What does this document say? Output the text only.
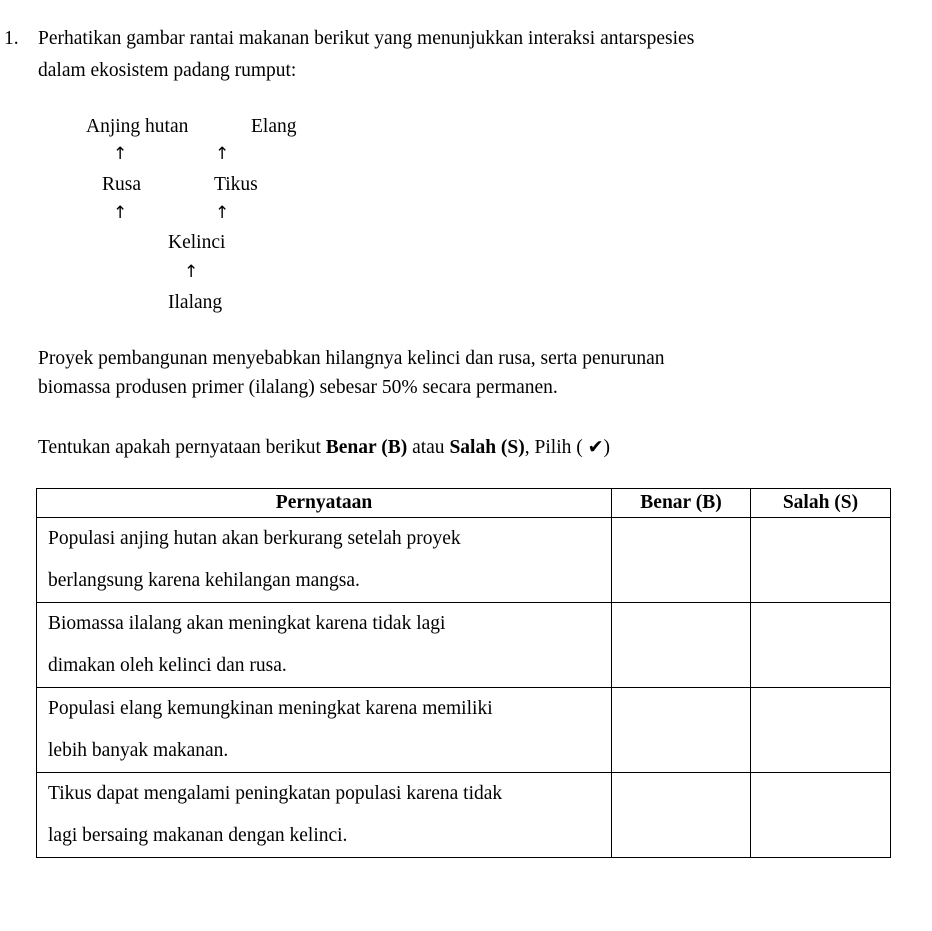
1. Perhatikan gambar rantai makanan berikut yang menunjukkan interaksi antarspesies
dalam ekosistem padang rumput:
Anjing hutan	Elang
↑	↑
Rusa	Tikus
↑	↑
Kelinci
↑
Ilalang
Proyek pembangunan menyebabkan hilangnya kelinci dan rusa, serta penurunan
biomassa produsen primer (ilalang) sebesar 50% secara permanen.
Tentukan apakah pernyataan berikut Benar (B) atau Salah (S), Pilih ( ✔)
Pernyataan	Benar (B)	Salah (S)

Populasi anjing hutan akan berkurang setelah proyek
berlangsung karena kehilangan mangsa.		

Biomassa ilalang akan meningkat karena tidak lagi
dimakan oleh kelinci dan rusa.		

Populasi elang kemungkinan meningkat karena memiliki
lebih banyak makanan.		

Tikus dapat mengalami peningkatan populasi karena tidak
lagi bersaing makanan dengan kelinci.		
